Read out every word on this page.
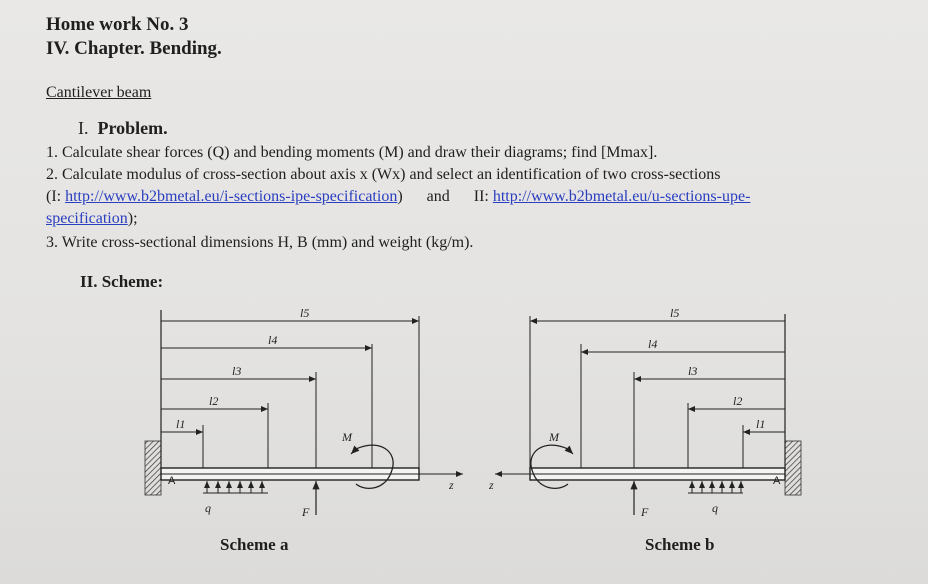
Home work No. 3
IV. Chapter. Bending.
Cantilever beam
I. Problem.
1. Calculate shear forces (Q) and bending moments (M) and draw their diagrams; find [Mmax].
2. Calculate modulus of cross-section about axis x (Wx) and select an identification of two cross-sections
(I: http://www.b2bmetal.eu/i-sections-ipe-specification)      and      II: http://www.b2bmetal.eu/u-sections-upe-
specification);
3. Write cross-sectional dimensions H, B (mm) and weight (kg/m).
II. Scheme:
l5
l4
l3
l2
l1
A
q	F
M
z
l5
l4
l3
l2
l1
A
q
F
M
z
Scheme a	Scheme b
